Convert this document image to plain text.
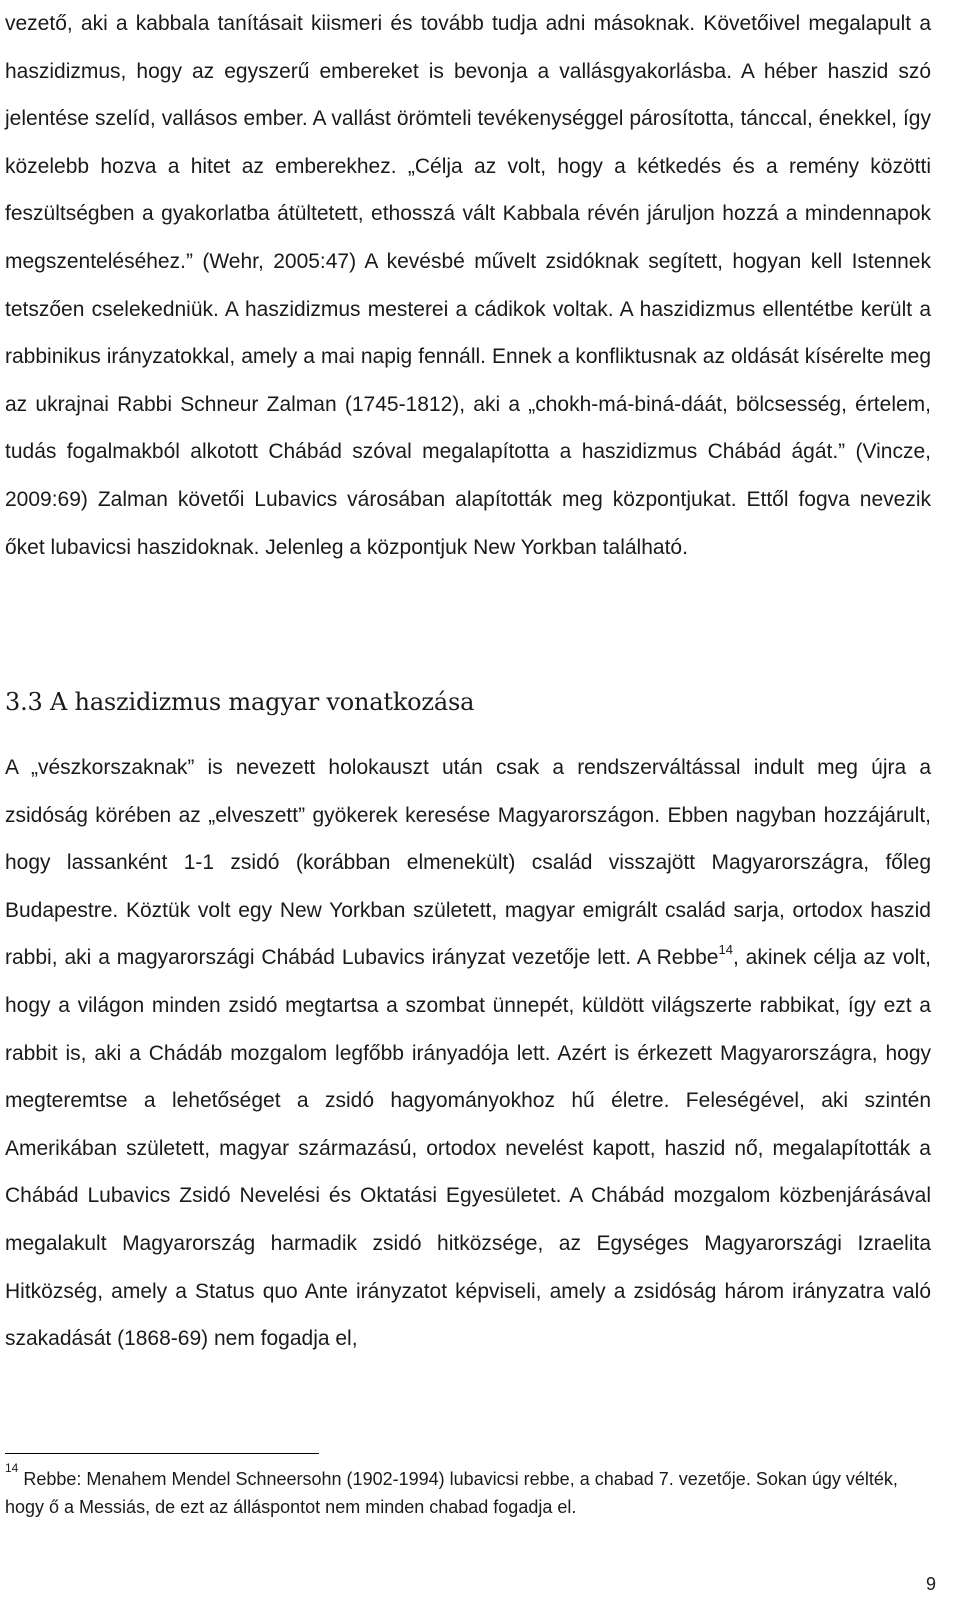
vezető, aki a kabbala tanításait kiismeri és tovább tudja adni másoknak. Követőivel megalapult a haszidizmus, hogy az egyszerű embereket is bevonja a vallásgyakorlásba. A héber haszid szó jelentése szelíd, vallásos ember. A vallást örömteli tevékenységgel párosította, tánccal, énekkel, így közelebb hozva a hitet az emberekhez. „Célja az volt, hogy a kétkedés és a remény közötti feszültségben a gyakorlatba átültetett, ethosszá vált Kabbala révén járuljon hozzá a mindennapok megszenteléséhez.” (Wehr, 2005:47) A kevésbé művelt zsidóknak segített, hogyan kell Istennek tetszően cselekedniük. A haszidizmus mesterei a cádikok voltak. A haszidizmus ellentétbe került a rabbinikus irányzatokkal, amely a mai napig fennáll. Ennek a konfliktusnak az oldását kísérelte meg az ukrajnai Rabbi Schneur Zalman (1745-1812), aki a „chokh-má-biná-dáát, bölcsesség, értelem, tudás fogalmakból alkotott Chábád szóval megalapította a haszidizmus Chábád ágát.” (Vincze, 2009:69) Zalman követői Lubavics városában alapították meg központjukat. Ettől fogva nevezik őket lubavicsi haszidoknak. Jelenleg a központjuk New Yorkban található.

3.3 A haszidizmus magyar vonatkozása

A „vészkorszaknak” is nevezett holokauszt után csak a rendszerváltással indult meg újra a zsidóság körében az „elveszett” gyökerek keresése Magyarországon. Ebben nagyban hozzájárult, hogy lassanként 1-1 zsidó (korábban elmenekült) család visszajött Magyarországra, főleg Budapestre. Köztük volt egy New Yorkban született, magyar emigrált család sarja, ortodox haszid rabbi, aki a magyarországi Chábád Lubavics irányzat vezetője lett. A Rebbe$^{14}$, akinek célja az volt, hogy a világon minden zsidó megtartsa a szombat ünnepét, küldött világszerte rabbikat, így ezt a rabbit is, aki a Chádáb mozgalom legfőbb irányadója lett. Azért is érkezett Magyarországra, hogy megteremtse a lehetőséget a zsidó hagyományokhoz hű életre. Feleségével, aki szintén Amerikában született, magyar származású, ortodox nevelést kapott, haszid nő, megalapították a Chábád Lubavics Zsidó Nevelési és Oktatási Egyesületet. A Chábád mozgalom közbenjárásával megalakult Magyarország harmadik zsidó hitközsége, az Egységes Magyarországi Izraelita Hitközség, amely a Status quo Ante irányzatot képviseli, amely a zsidóság három irányzatra való szakadását (1868-69) nem fogadja el,

$^{14}$ Rebbe: Menahem Mendel Schneersohn (1902-1994) lubavicsi rebbe, a chabad 7. vezetője. Sokan úgy vélték, hogy ő a Messiás, de ezt az álláspontot nem minden chabad fogadja el.

9
